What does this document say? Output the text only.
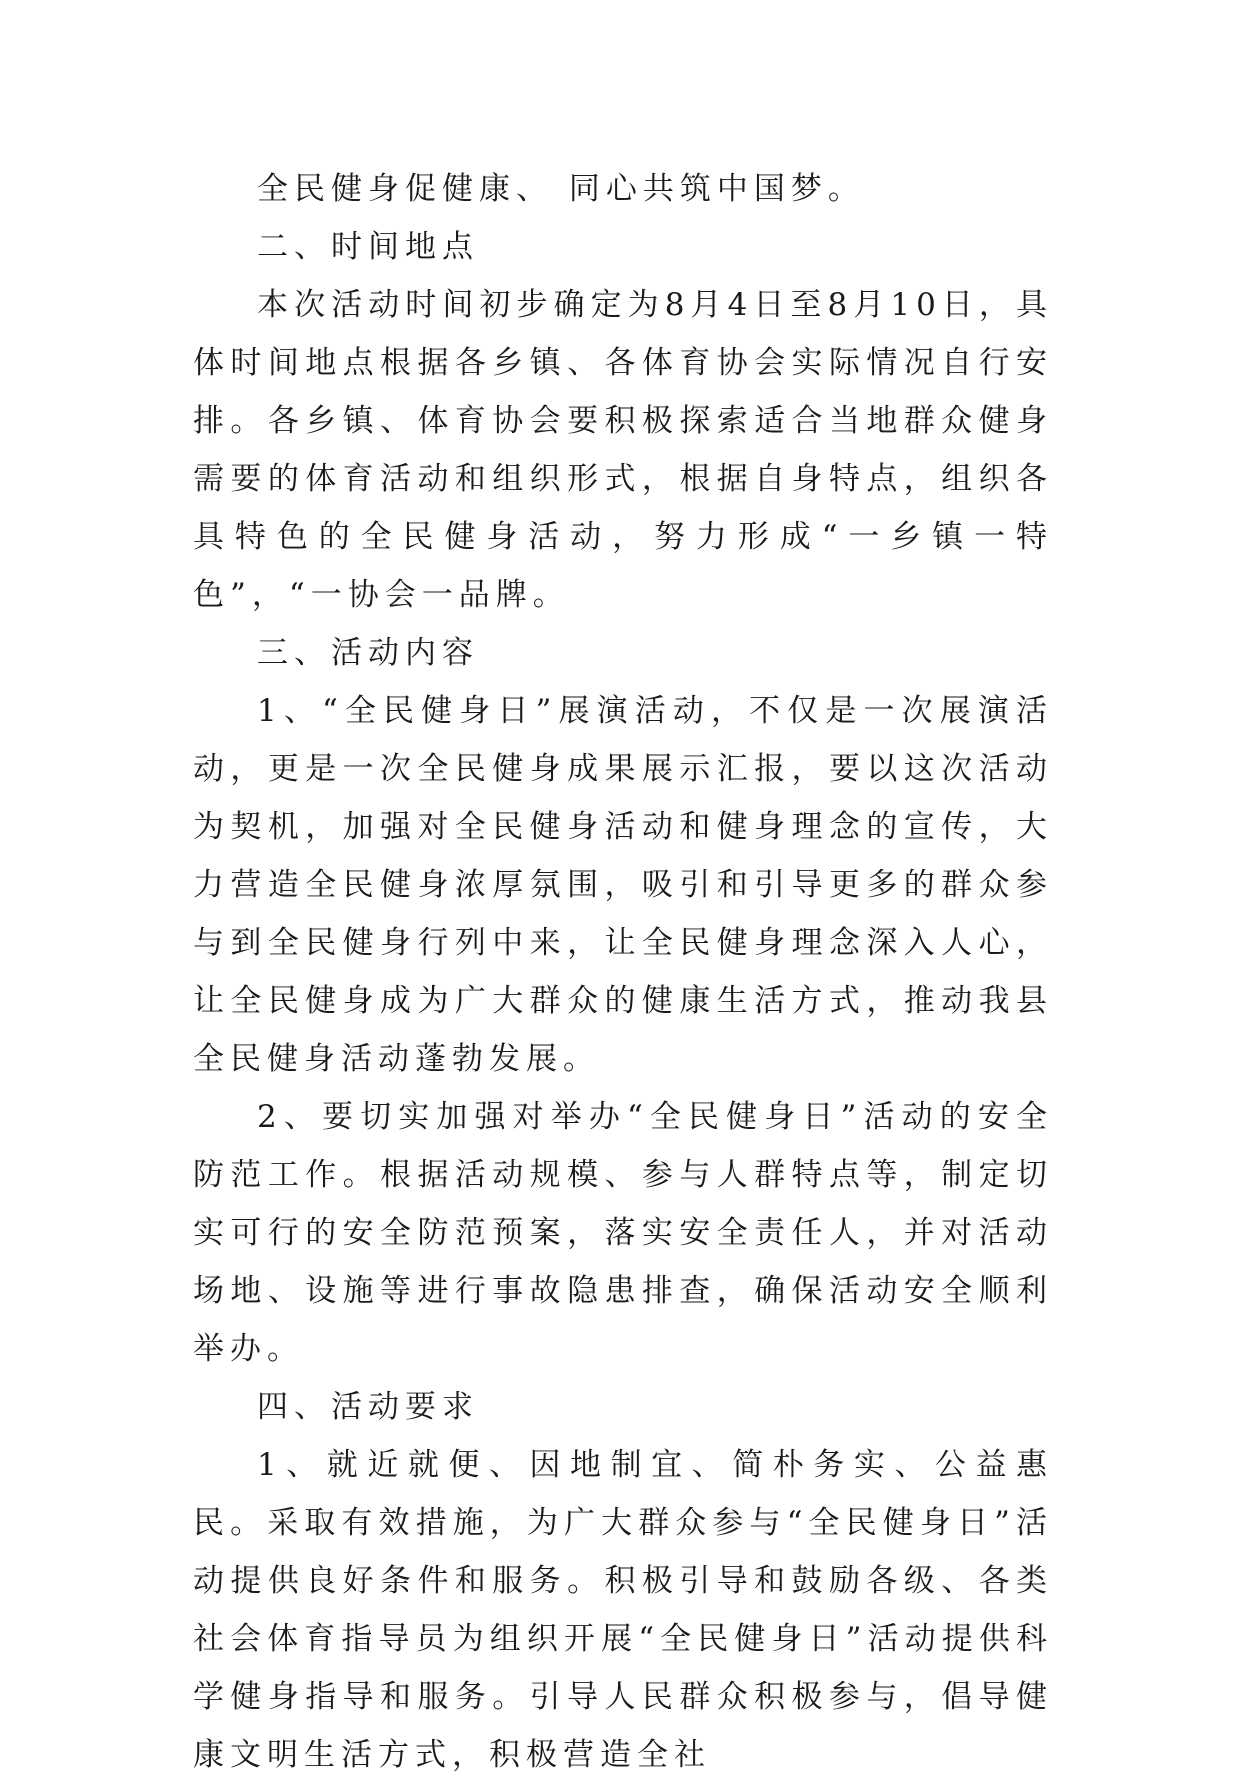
全民健身促健康、 同心共筑中国梦。

二、时间地点

本次活动时间初步确定为8月4日至8月10日，具体时间地点根据各乡镇、各体育协会实际情况自行安排。各乡镇、体育协会要积极探索适合当地群众健身需要的体育活动和组织形式，根据自身特点，组织各具特色的全民健身活动，努力形成“一乡镇一特色”，“一协会一品牌。

三、活动内容

1、“全民健身日”展演活动，不仅是一次展演活动，更是一次全民健身成果展示汇报，要以这次活动为契机，加强对全民健身活动和健身理念的宣传，大力营造全民健身浓厚氛围，吸引和引导更多的群众参与到全民健身行列中来，让全民健身理念深入人心，让全民健身成为广大群众的健康生活方式，推动我县全民健身活动蓬勃发展。

2、要切实加强对举办“全民健身日”活动的安全防范工作。根据活动规模、参与人群特点等，制定切实可行的安全防范预案，落实安全责任人，并对活动场地、设施等进行事故隐患排查，确保活动安全顺利举办。

四、活动要求

1、就近就便、因地制宜、简朴务实、公益惠民。采取有效措施，为广大群众参与“全民健身日”活动提供良好条件和服务。积极引导和鼓励各级、各类社会体育指导员为组织开展“全民健身日”活动提供科学健身指导和服务。引导人民群众积极参与，倡导健康文明生活方式，积极营造全社
